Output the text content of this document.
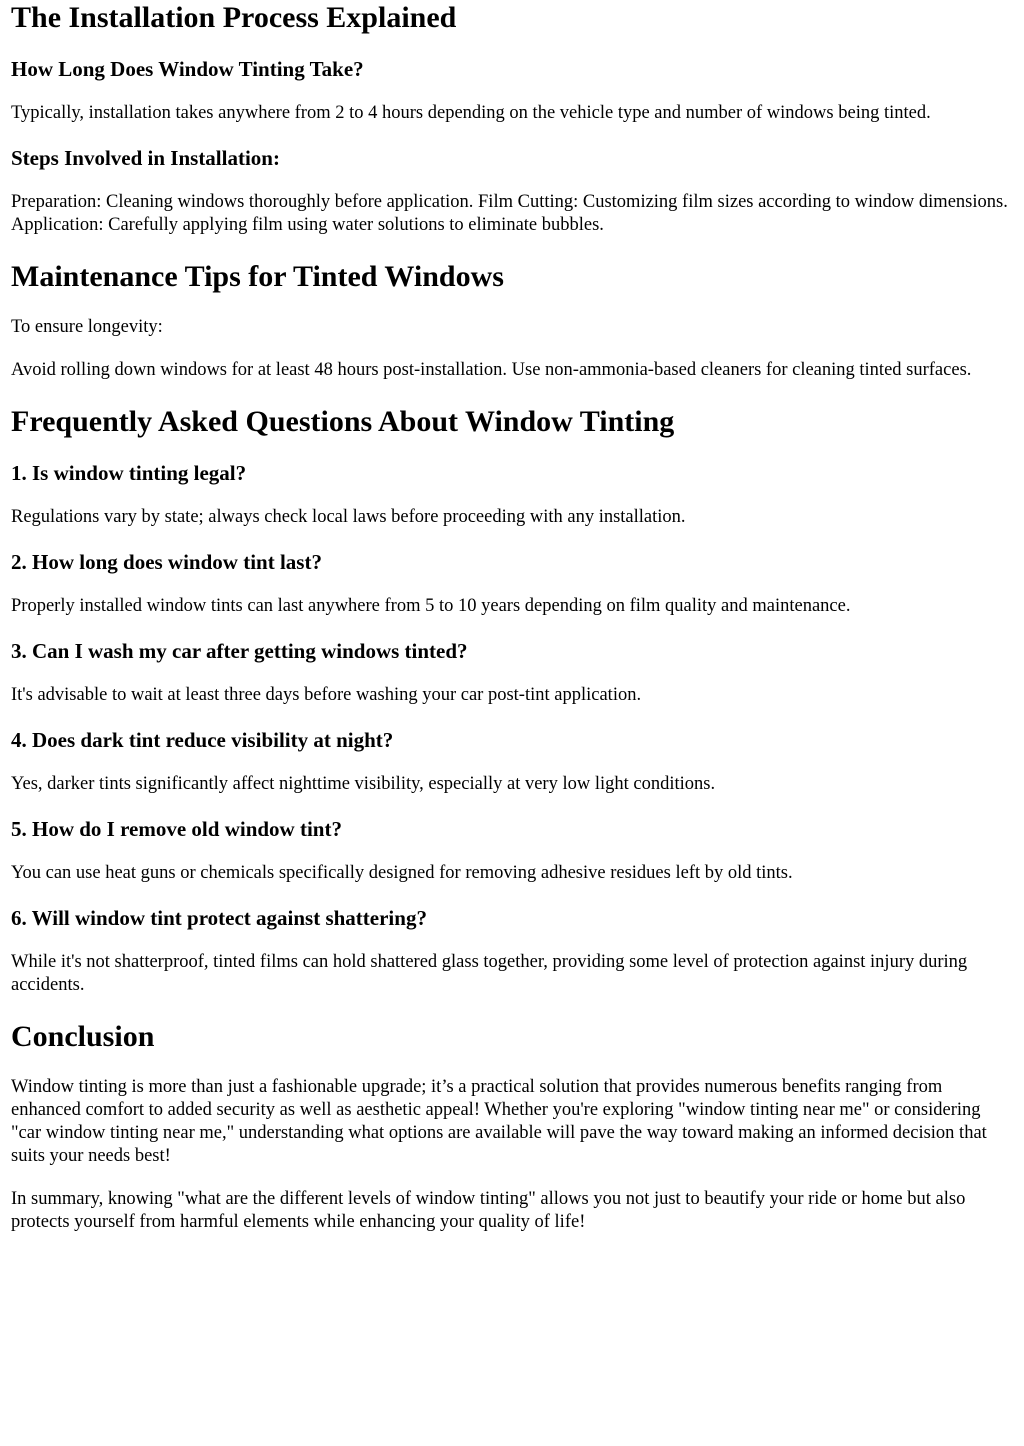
The Installation Process Explained
How Long Does Window Tinting Take?

Typically, installation takes anywhere from 2 to 4 hours depending on the vehicle type and number of windows being tinted.

Steps Involved in Installation:

Preparation: Cleaning windows thoroughly before application. Film Cutting: Customizing film sizes according to window dimensions. Application: Carefully applying film using water solutions to eliminate bubbles.

Maintenance Tips for Tinted Windows

To ensure longevity:

Avoid rolling down windows for at least 48 hours post-installation. Use non-ammonia-based cleaners for cleaning tinted surfaces.

Frequently Asked Questions About Window Tinting
1. Is window tinting legal?

Regulations vary by state; always check local laws before proceeding with any installation.

2. How long does window tint last?

Properly installed window tints can last anywhere from 5 to 10 years depending on film quality and maintenance.

3. Can I wash my car after getting windows tinted?

It's advisable to wait at least three days before washing your car post-tint application.

4. Does dark tint reduce visibility at night?

Yes, darker tints significantly affect nighttime visibility, especially at very low light conditions.

5. How do I remove old window tint?

You can use heat guns or chemicals specifically designed for removing adhesive residues left by old tints.

6. Will window tint protect against shattering?

While it's not shatterproof, tinted films can hold shattered glass together, providing some level of protection against injury during accidents.

Conclusion

Window tinting is more than just a fashionable upgrade; it’s a practical solution that provides numerous benefits ranging from enhanced comfort to added security as well as aesthetic appeal! Whether you're exploring "window tinting near me" or considering "car window tinting near me," understanding what options are available will pave the way toward making an informed decision that suits your needs best!

In summary, knowing "what are the different levels of window tinting" allows you not just to beautify your ride or home but also protects yourself from harmful elements while enhancing your quality of life!
